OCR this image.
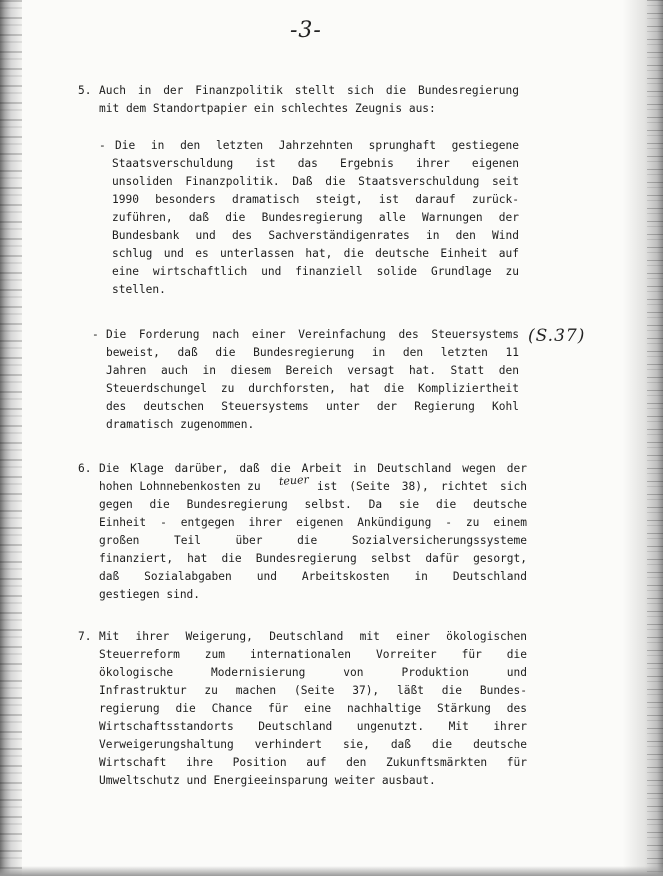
-3-
(S.37)
5. Auch in der Finanzpolitik stellt sich die Bundesregierung
mit dem Standortpapier ein schlechtes Zeugnis aus:
- Die in den letzten Jahrzehnten sprunghaft gestiegene
Staatsverschuldung ist das Ergebnis ihrer eigenen
unsoliden Finanzpolitik. Daß die Staatsverschuldung seit
1990 besonders dramatisch steigt, ist darauf zurück-
zuführen, daß die Bundesregierung alle Warnungen der
Bundesbank und des Sachverständigenrates in den Wind
schlug und es unterlassen hat, die deutsche Einheit auf
eine wirtschaftlich und finanziell solide Grundlage zu
stellen.
- Die Forderung nach einer Vereinfachung des Steuersystems
beweist, daß die Bundesregierung in den letzten 11
Jahren auch in diesem Bereich versagt hat. Statt den
Steuerdschungel zu durchforsten, hat die Kompliziertheit
des deutschen Steuersystems unter der Regierung Kohl
dramatisch zugenommen.
6. Die Klage darüber, daß die Arbeit in Deutschland wegen der
hohen Lohnnebenkosten zu teuer ist (Seite 38), richtet sich
gegen die Bundesregierung selbst. Da sie die deutsche
Einheit - entgegen ihrer eigenen Ankündigung - zu einem
großen Teil über die Sozialversicherungssysteme
finanziert, hat die Bundesregierung selbst dafür gesorgt,
daß Sozialabgaben und Arbeitskosten in Deutschland
gestiegen sind.
7. Mit ihrer Weigerung, Deutschland mit einer ökologischen
Steuerreform zum internationalen Vorreiter für die
ökologische Modernisierung von Produktion und
Infrastruktur zu machen (Seite 37), läßt die Bundes-
regierung die Chance für eine nachhaltige Stärkung des
Wirtschaftsstandorts Deutschland ungenutzt. Mit ihrer
Verweigerungshaltung verhindert sie, daß die deutsche
Wirtschaft ihre Position auf den Zukunftsmärkten für
Umweltschutz und Energieeinsparung weiter ausbaut.
